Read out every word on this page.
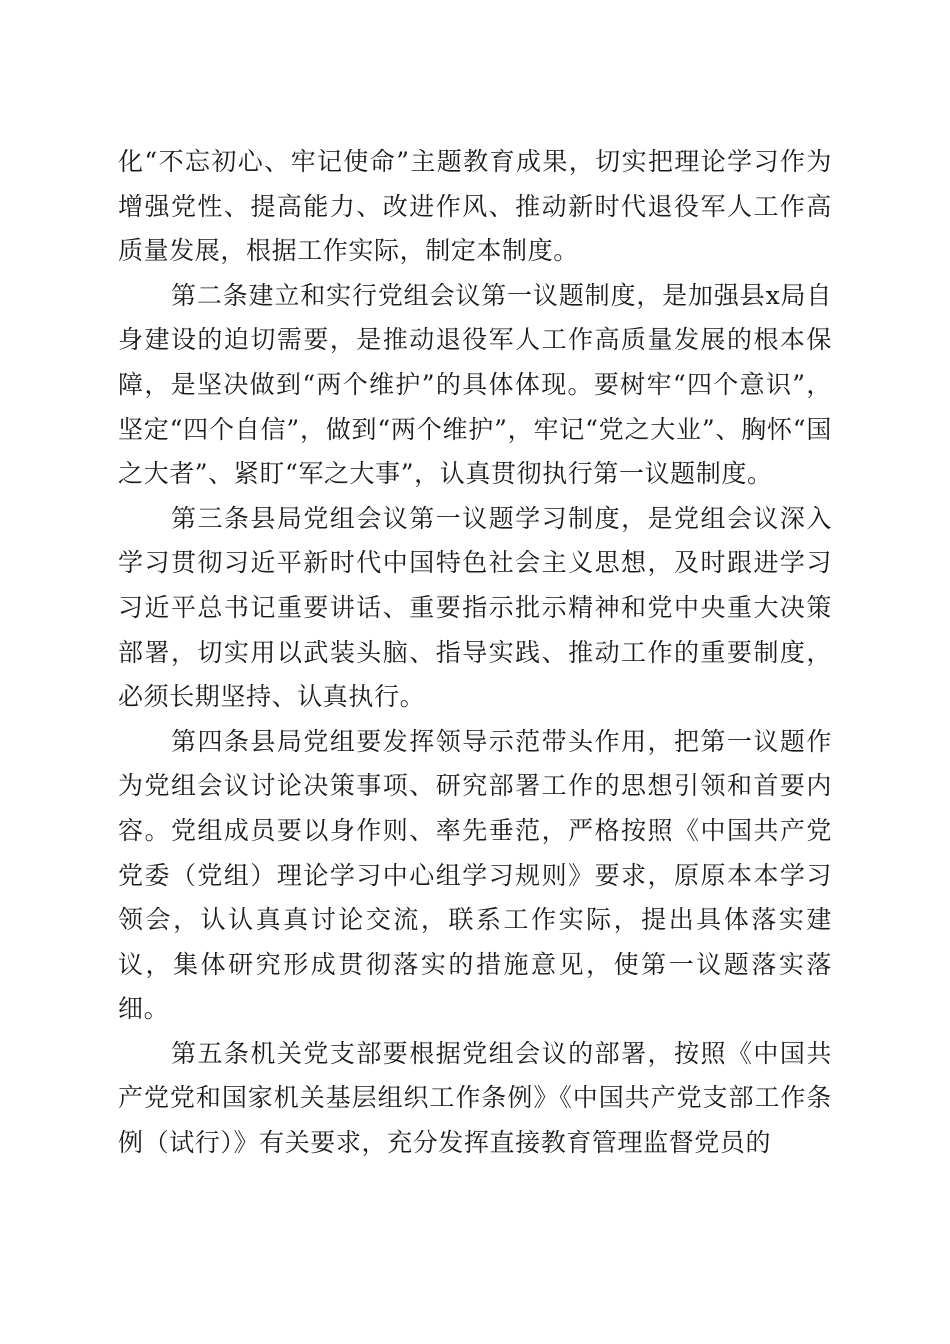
化“不忘初心、牢记使命”主题教育成果，切实把理论学习作为增强党性、提高能力、改进作风、推动新时代退役军人工作高质量发展，根据工作实际，制定本制度。

第二条建立和实行党组会议第一议题制度，是加强县x局自身建设的迫切需要，是推动退役军人工作高质量发展的根本保障，是坚决做到“两个维护”的具体体现。要树牢“四个意识”，坚定“四个自信”，做到“两个维护”，牢记“党之大业”、胸怀“国之大者”、紧盯“军之大事”，认真贯彻执行第一议题制度。

第三条县局党组会议第一议题学习制度，是党组会议深入学习贯彻习近平新时代中国特色社会主义思想，及时跟进学习习近平总书记重要讲话、重要指示批示精神和党中央重大决策部署，切实用以武装头脑、指导实践、推动工作的重要制度，必须长期坚持、认真执行。

第四条县局党组要发挥领导示范带头作用，把第一议题作为党组会议讨论决策事项、研究部署工作的思想引领和首要内容。党组成员要以身作则、率先垂范，严格按照《中国共产党党委（党组）理论学习中心组学习规则》要求，原原本本学习领会，认认真真讨论交流，联系工作实际，提出具体落实建议，集体研究形成贯彻落实的措施意见，使第一议题落实落细。

第五条机关党支部要根据党组会议的部署，按照《中国共产党党和国家机关基层组织工作条例》《中国共产党支部工作条例（试行）》有关要求，充分发挥直接教育管理监督党员的
